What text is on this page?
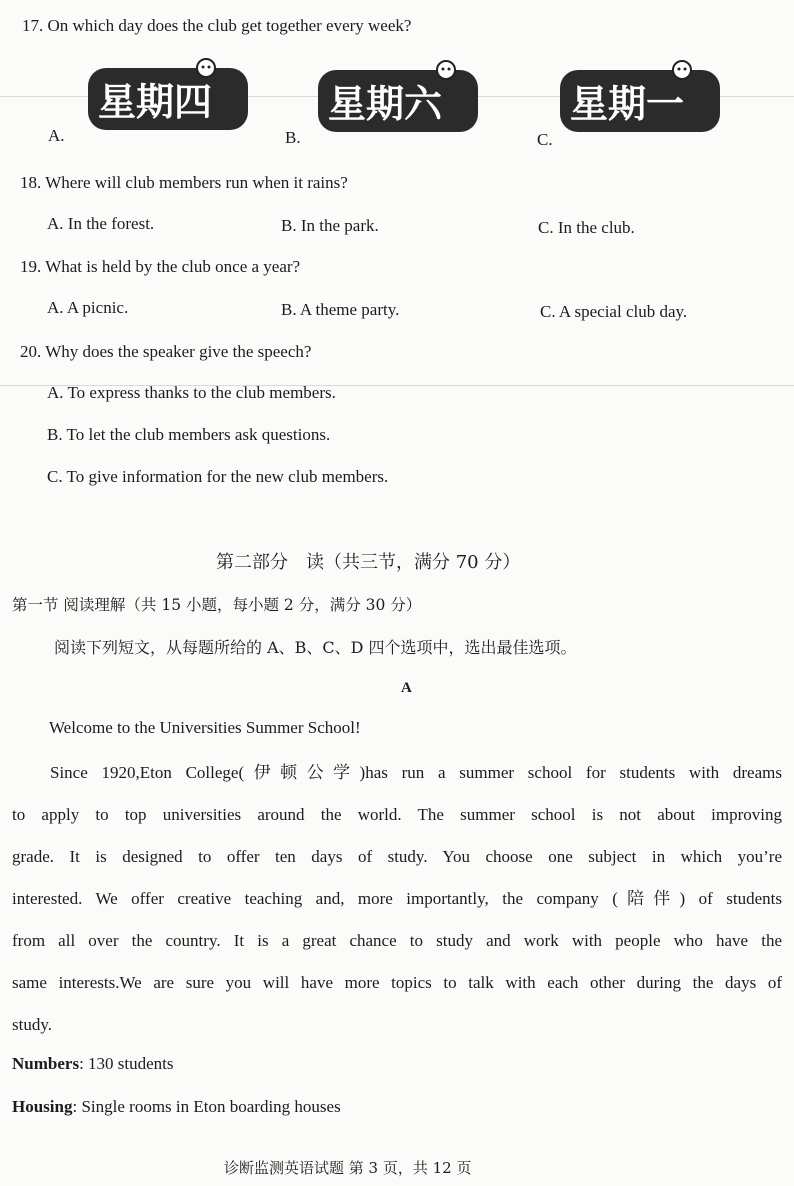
17. On which day does the club get together every week?
A.
星期四
B.
星期六
C.
星期一
18. Where will club members run when it rains?
A. In the forest.	B. In the park.	C. In the club.
19. What is held by the club once a year?
A. A picnic.	B. A theme party.	C. A special club day.
20. Why does the speaker give the speech?
A. To express thanks to the club members.
B. To let the club members ask questions.
C. To give information for the new club members.
第二部分　读（共三节，满分 70 分）
第一节 阅读理解（共 15 小题，每小题 2 分，满分 30 分）
阅读下列短文，从每题所给的 A、B、C、D 四个选项中，选出最佳选项。
A
Welcome to the Universities Summer School!
Since 1920,Eton College(伊顿公学)has run a summer school for students with dreams
to apply to top universities around the world. The summer school is not about improving
grade. It is designed to offer ten days of study. You choose one subject in which you’re
interested. We offer creative teaching and, more importantly, the company (陪伴) of students
from all over the country. It is a great chance to study and work with people who have the
same interests.We are sure you will have more topics to talk with each other during the days of
study.
Numbers: 130 students
Housing: Single rooms in Eton boarding houses
诊断监测英语试题 第 3 页，共 12 页
